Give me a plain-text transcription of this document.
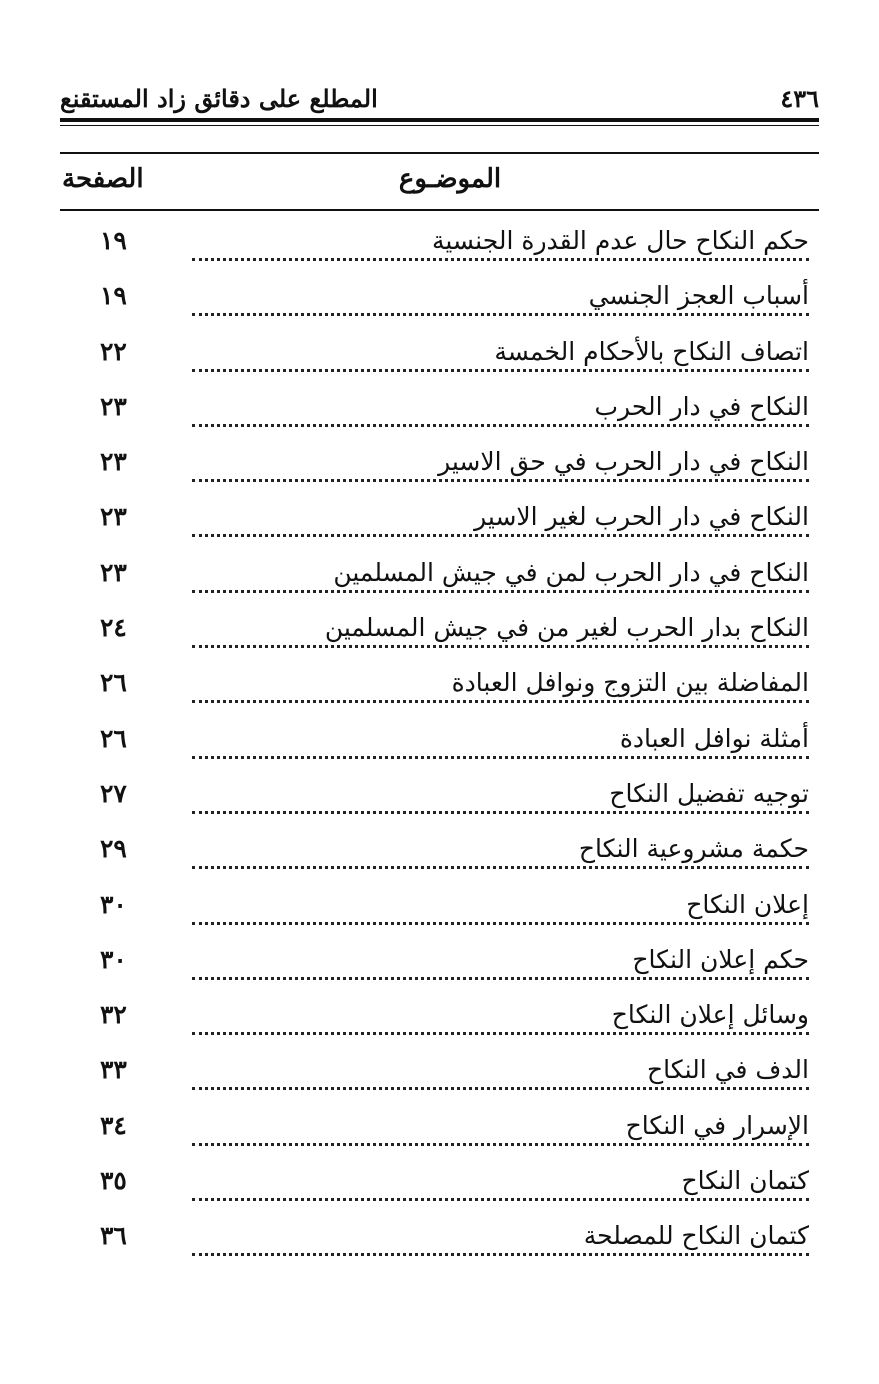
٤٣٦
المطلع على دقائق زاد المستقنع
الموضـوع
الصفحة
حكم النكاح حال عدم القدرة الجنسية
١٩
أسباب العجز الجنسي
١٩
اتصاف النكاح بالأحكام الخمسة
٢٢
النكاح في دار الحرب
٢٣
النكاح في دار الحرب في حق الاسير
٢٣
النكاح في دار الحرب لغير الاسير
٢٣
النكاح في دار الحرب لمن في جيش المسلمين
٢٣
النكاح بدار الحرب لغير من في جيش المسلمين
٢٤
المفاضلة بين التزوج ونوافل العبادة
٢٦
أمثلة نوافل العبادة
٢٦
توجيه تفضيل النكاح
٢٧
حكمة مشروعية النكاح
٢٩
إعلان النكاح
٣٠
حكم إعلان النكاح
٣٠
وسائل إعلان النكاح
٣٢
الدف في النكاح
٣٣
الإسرار في النكاح
٣٤
كتمان النكاح
٣٥
كتمان النكاح للمصلحة
٣٦
